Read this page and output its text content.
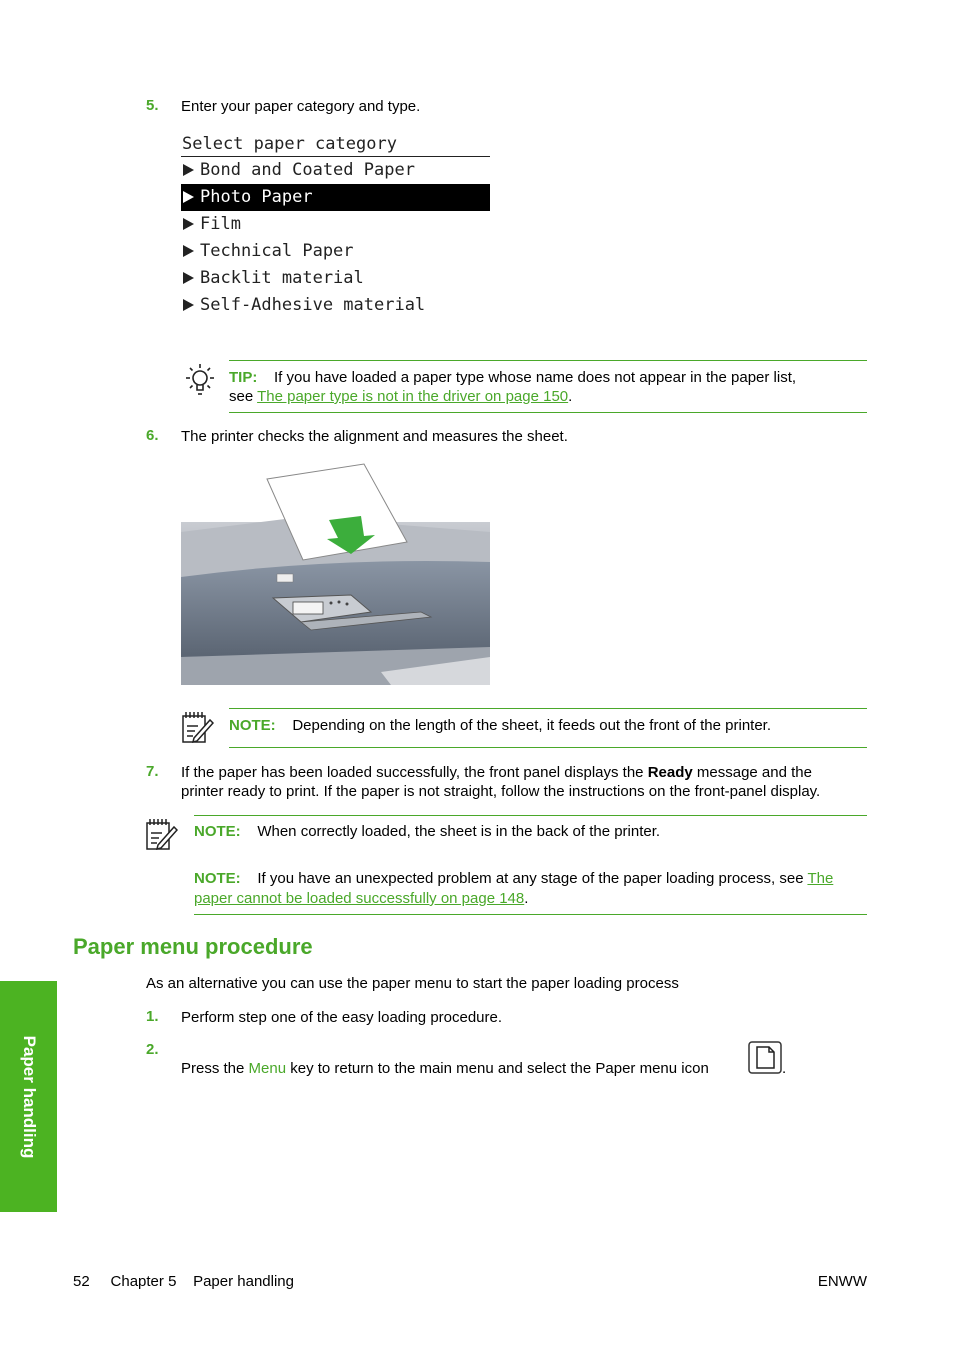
5. Enter your paper category and type.
Select paper category
Bond and Coated Paper
Photo Paper
Film
Technical Paper
Backlit material
Self-Adhesive material
TIP: If you have loaded a paper type whose name does not appear in the paper list,
see The paper type is not in the driver on page 150.
6. The printer checks the alignment and measures the sheet.
NOTE: Depending on the length of the sheet, it feeds out the front of the printer.
7. If the paper has been loaded successfully, the front panel displays the Ready message and the
printer ready to print. If the paper is not straight, follow the instructions on the front-panel display.
NOTE: When correctly loaded, the sheet is in the back of the printer.
NOTE: If you have an unexpected problem at any stage of the paper loading process, see The
paper cannot be loaded successfully on page 148.
Paper menu procedure
As an alternative you can use the paper menu to start the paper loading process
1. Perform step one of the easy loading procedure.
2.
Press the Menu key to return to the main menu and select the Paper menu icon	.
Paper handling
52 Chapter 5 Paper handling	ENWW
